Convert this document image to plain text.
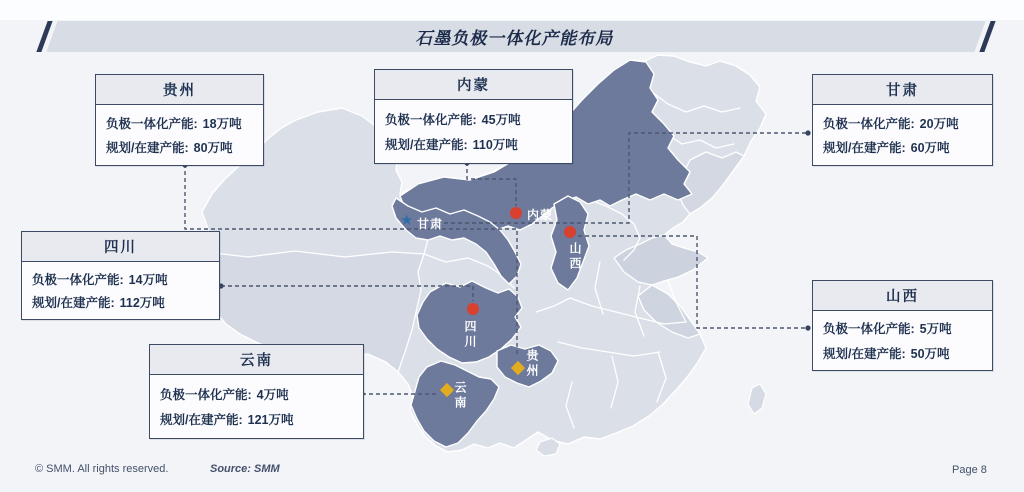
石墨负极一体化产能布局
★ 甘肃
内蒙
山西
四川
贵州
云南
贵州
负极一体化产能: 18万吨
规划/在建产能: 80万吨
内蒙
负极一体化产能: 45万吨
规划/在建产能: 110万吨
甘肃
负极一体化产能: 20万吨
规划/在建产能: 60万吨
四川
负极一体化产能: 14万吨
规划/在建产能: 112万吨
云南
负极一体化产能: 4万吨
规划/在建产能: 121万吨
山西
负极一体化产能: 5万吨
规划/在建产能: 50万吨
© SMM. All rights reserved.	Source: SMM	Page 8
